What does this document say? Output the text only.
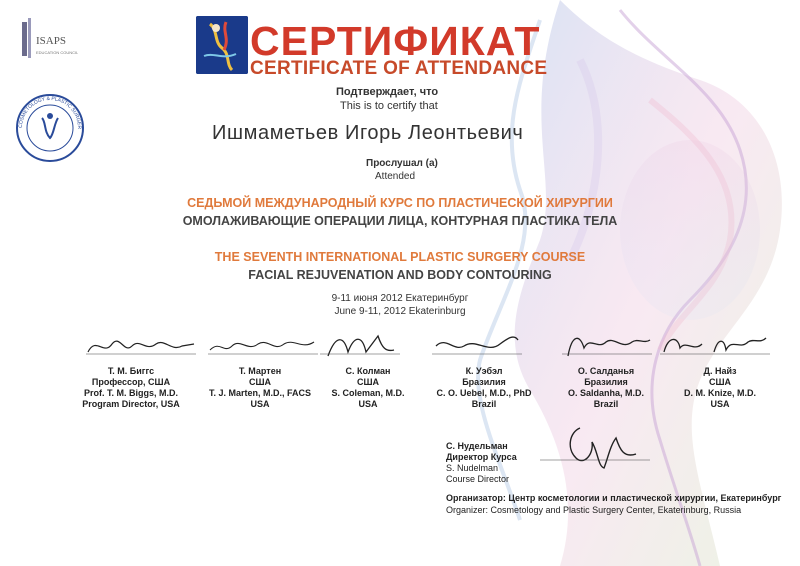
ISAPS
EDUCATION COUNCIL
COSMETOLOGY & PLASTIC SURGER
СЕРТИФИКАТ
CERTIFICATE OF ATTENDANCE
Подтверждает, что
This is to certify that
Ишмаметьев Игорь Леонтьевич
Прослушал (а)
Attended
СЕДЬМОЙ МЕЖДУНАРОДНЫЙ КУРС ПО ПЛАСТИЧЕСКОЙ ХИРУРГИИ
ОМОЛАЖИВАЮЩИЕ ОПЕРАЦИИ ЛИЦА, КОНТУРНАЯ ПЛАСТИКА ТЕЛА
THE SEVENTH INTERNATIONAL PLASTIC SURGERY COURSE
FACIAL REJUVENATION AND BODY CONTOURING
9-11 июня 2012 Екатеринбург
June 9-11, 2012 Ekaterinburg
Т. М. Биггс
Профессор, США
Prof. T. M. Biggs, M.D.
Program Director, USA
Т. Мартен
США
T. J. Marten, M.D., FACS
USA
С. Колман
США
S. Coleman, M.D.
USA
К. Уэбэл
Бразилия
C. O. Uebel, M.D., PhD
Brazil
О. Салданья
Бразилия
O. Saldanha, M.D.
Brazil
Д. Найз
США
D. M. Knize, M.D.
USA
С. Нудельман
Директор Курса
S. Nudelman
Course Director
Организатор: Центр косметологии и пластической хирургии, Екатеринбург
Organizer: Cosmetology and Plastic Surgery Center, Ekaterinburg, Russia
